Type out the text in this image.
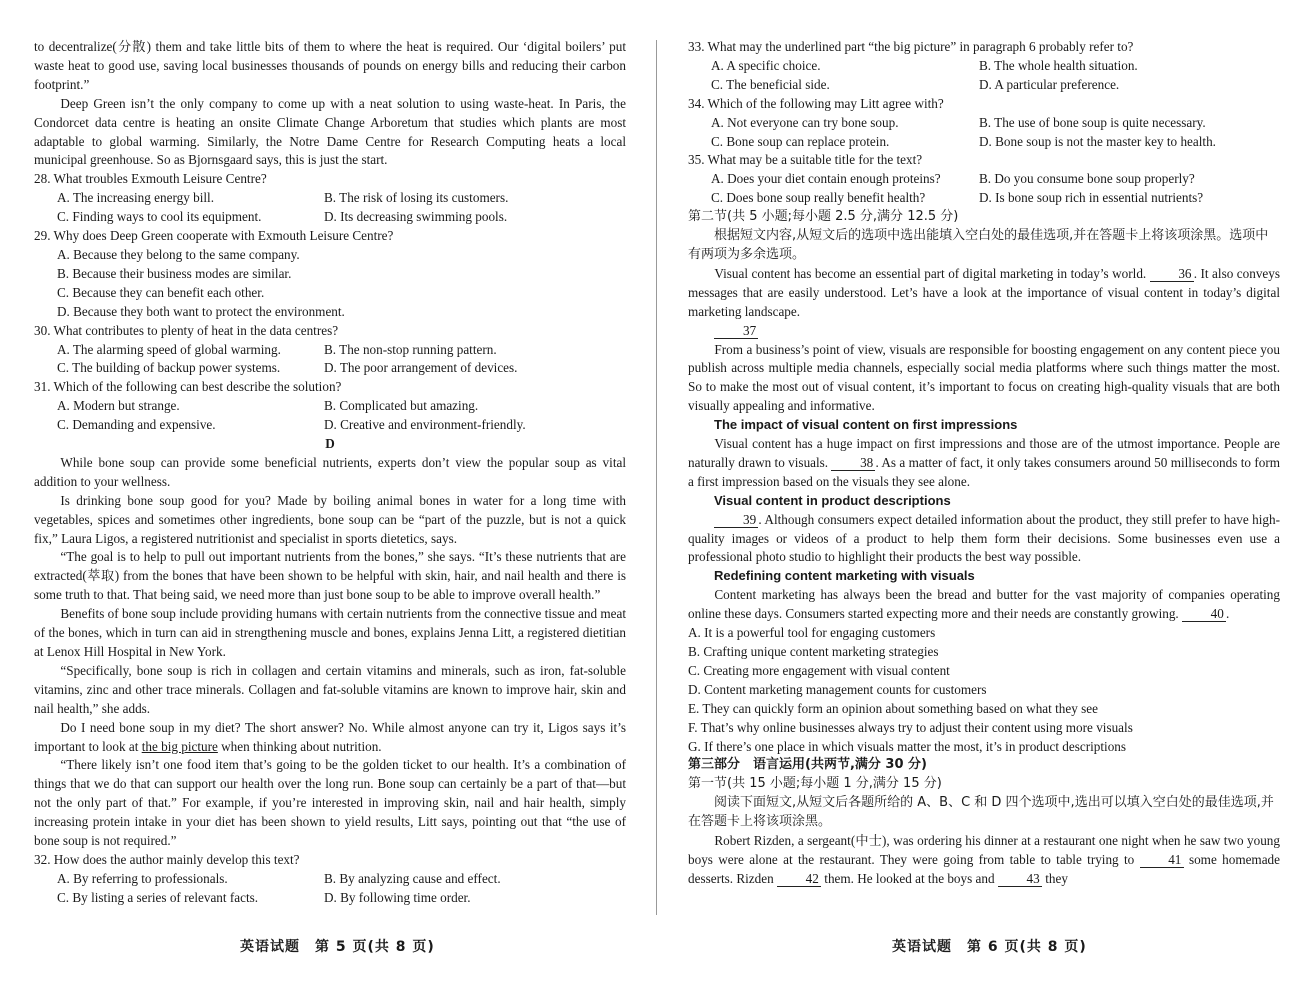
to decentralize(分散) them and take little bits of them to where the heat is required. Our ‘digital boilers’ put waste heat to good use, saving local businesses thousands of pounds on energy bills and reducing their carbon footprint.”

Deep Green isn’t the only company to come up with a neat solution to using waste-heat. In Paris, the Condorcet data centre is heating an onsite Climate Change Arboretum that studies which plants are most adaptable to global warming. Similarly, the Notre Dame Centre for Research Computing heats a local municipal greenhouse. So as Bjornsgaard says, this is just the start.

28. What troubles Exmouth Leisure Centre?

A. The increasing energy bill.	B. The risk of losing its customers.
C. Finding ways to cool its equipment.	D. Its decreasing swimming pools.

29. Why does Deep Green cooperate with Exmouth Leisure Centre?

A. Because they belong to the same company.
B. Because their business modes are similar.
C. Because they can benefit each other.
D. Because they both want to protect the environment.

30. What contributes to plenty of heat in the data centres?

A. The alarming speed of global warming.	B. The non-stop running pattern.
C. The building of backup power systems.	D. The poor arrangement of devices.

31. Which of the following can best describe the solution?

A. Modern but strange.	B. Complicated but amazing.
C. Demanding and expensive.	D. Creative and environment-friendly.

D

While bone soup can provide some beneficial nutrients, experts don’t view the popular soup as vital addition to your wellness.

Is drinking bone soup good for you? Made by boiling animal bones in water for a long time with vegetables, spices and sometimes other ingredients, bone soup can be “part of the puzzle, but is not a quick fix,” Laura Ligos, a registered nutritionist and specialist in sports dietetics, says.

“The goal is to help to pull out important nutrients from the bones,” she says. “It’s these nutrients that are extracted(萃取) from the bones that have been shown to be helpful with skin, hair, and nail health and there is some truth to that. That being said, we need more than just bone soup to be able to improve overall health.”

Benefits of bone soup include providing humans with certain nutrients from the connective tissue and meat of the bones, which in turn can aid in strengthening muscle and bones, explains Jenna Litt, a registered dietitian at Lenox Hill Hospital in New York.

“Specifically, bone soup is rich in collagen and certain vitamins and minerals, such as iron, fat-soluble vitamins, zinc and other trace minerals. Collagen and fat-soluble vitamins are known to improve hair, skin and nail health,” she adds.

Do I need bone soup in my diet? The short answer? No. While almost anyone can try it, Ligos says it’s important to look at the big picture when thinking about nutrition.

“There likely isn’t one food item that’s going to be the golden ticket to our health. It’s a combination of things that we do that can support our health over the long run. Bone soup can certainly be a part of that—but not the only part of that.” For example, if you’re interested in improving skin, nail and hair health, simply increasing protein intake in your diet has been shown to yield results, Litt says, pointing out that “the use of bone soup is not required.”

32. How does the author mainly develop this text?

A. By referring to professionals.	B. By analyzing cause and effect.
C. By listing a series of relevant facts.	D. By following time order.

33. What may the underlined part “the big picture” in paragraph 6 probably refer to?

A. A specific choice.	B. The whole health situation.
C. The beneficial side.	D. A particular preference.

34. Which of the following may Litt agree with?

A. Not everyone can try bone soup.	B. The use of bone soup is quite necessary.
C. Bone soup can replace protein.	D. Bone soup is not the master key to health.

35. What may be a suitable title for the text?

A. Does your diet contain enough proteins?	B. Do you consume bone soup properly?
C. Does bone soup really benefit health?	D. Is bone soup rich in essential nutrients?

第二节(共 5 小题;每小题 2.5 分,满分 12.5 分)

根据短文内容,从短文后的选项中选出能填入空白处的最佳选项,并在答题卡上将该项涂黑。选项中有两项为多余选项。

Visual content has become an essential part of digital marketing in today’s world. 36 . It also conveys messages that are easily understood. Let’s have a look at the importance of visual content in today’s digital marketing landscape.

37

From a business’s point of view, visuals are responsible for boosting engagement on any content piece you publish across multiple media channels, especially social media platforms where such things matter the most. So to make the most out of visual content, it’s important to focus on creating high-quality visuals that are both visually appealing and informative.

The impact of visual content on first impressions

Visual content has a huge impact on first impressions and those are of the utmost importance. People are naturally drawn to visuals. 38 . As a matter of fact, it only takes consumers around 50 milliseconds to form a first impression based on the visuals they see alone.

Visual content in product descriptions

39 . Although consumers expect detailed information about the product, they still prefer to have high-quality images or videos of a product to help them form their decisions. Some businesses even use a professional photo studio to highlight their products the best way possible.

Redefining content marketing with visuals

Content marketing has always been the bread and butter for the vast majority of companies operating online these days. Consumers started expecting more and their needs are constantly growing. 40 .

A. It is a powerful tool for engaging customers
B. Crafting unique content marketing strategies
C. Creating more engagement with visual content
D. Content marketing management counts for customers
E. They can quickly form an opinion about something based on what they see
F. That’s why online businesses always try to adjust their content using more visuals
G. If there’s one place in which visuals matter the most, it’s in product descriptions

第三部分　语言运用(共两节,满分 30 分)

第一节(共 15 小题;每小题 1 分,满分 15 分)

阅读下面短文,从短文后各题所给的 A、B、C 和 D 四个选项中,选出可以填入空白处的最佳选项,并在答题卡上将该项涂黑。

Robert Rizden, a sergeant(中士), was ordering his dinner at a restaurant one night when he saw two young boys were alone at the restaurant. They were going from table to table trying to 41 some homemade desserts. Rizden 42 them. He looked at the boys and 43 they

英语试题　第 5 页(共 8 页)	英语试题　第 6 页(共 8 页)
